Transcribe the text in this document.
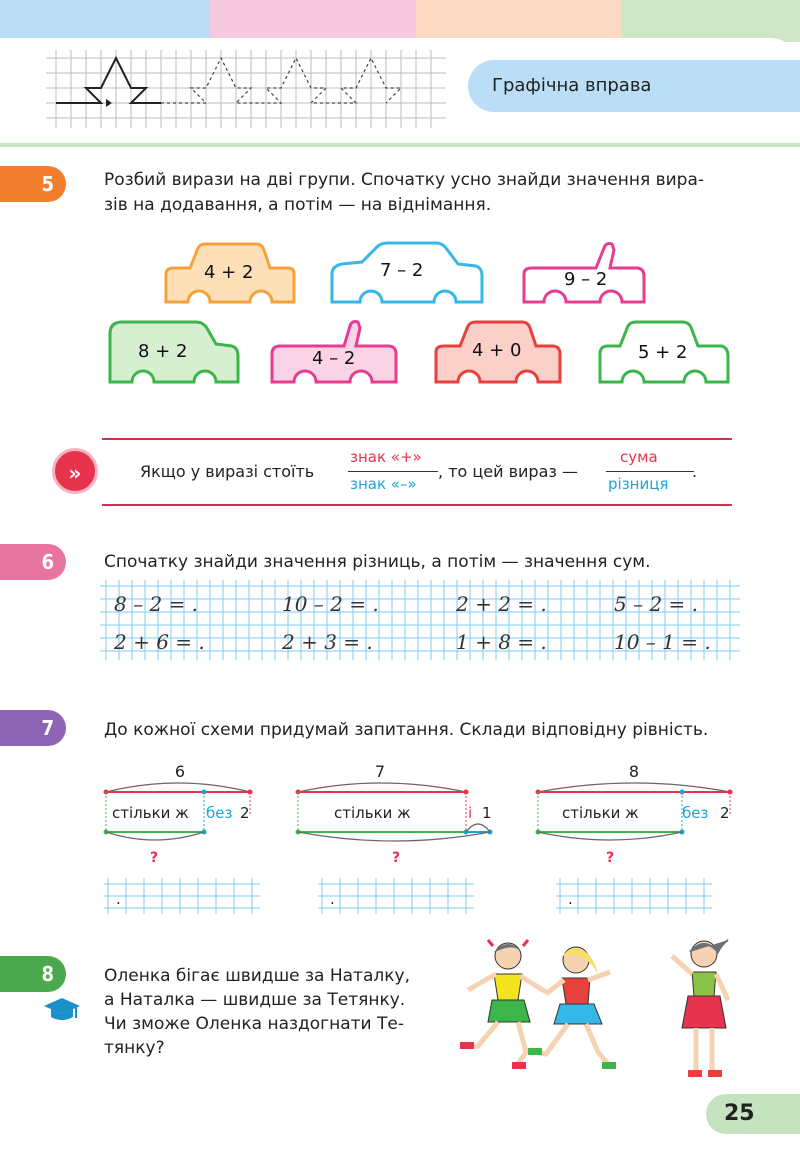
Графічна вправа
5	Розбий вирази на дві групи. Спочатку усно знайди значення вира-
зів на додавання, а потім — на віднімання.
4 + 2	7 – 2	9 – 2
8 + 2	4 – 2	4 + 0	5 + 2
»	Якщо у виразі стоїть
знак «+»
знак «–»
, то цей вираз —
сума
різниця
.
6	Спочатку знайди значення різниць, а потім — значення сум.
8 – 2 = .	10 – 2 = .	2 + 2 = .	5 – 2 = .
2 + 6 = .	2 + 3 = .	1 + 8 = .	10 – 1 = .
7	До кожної схеми придумай запитання. Склади відповідну рівність.
6
стільки ж без 2
?
7
стільки ж	і 1
?
8
стільки ж	без 2
?
.	.	.
8	Оленка бігає швидше за Наталку,
а Наталка — швидше за Тетянку.
Чи зможе Оленка наздогнати Те-
тянку?
25
